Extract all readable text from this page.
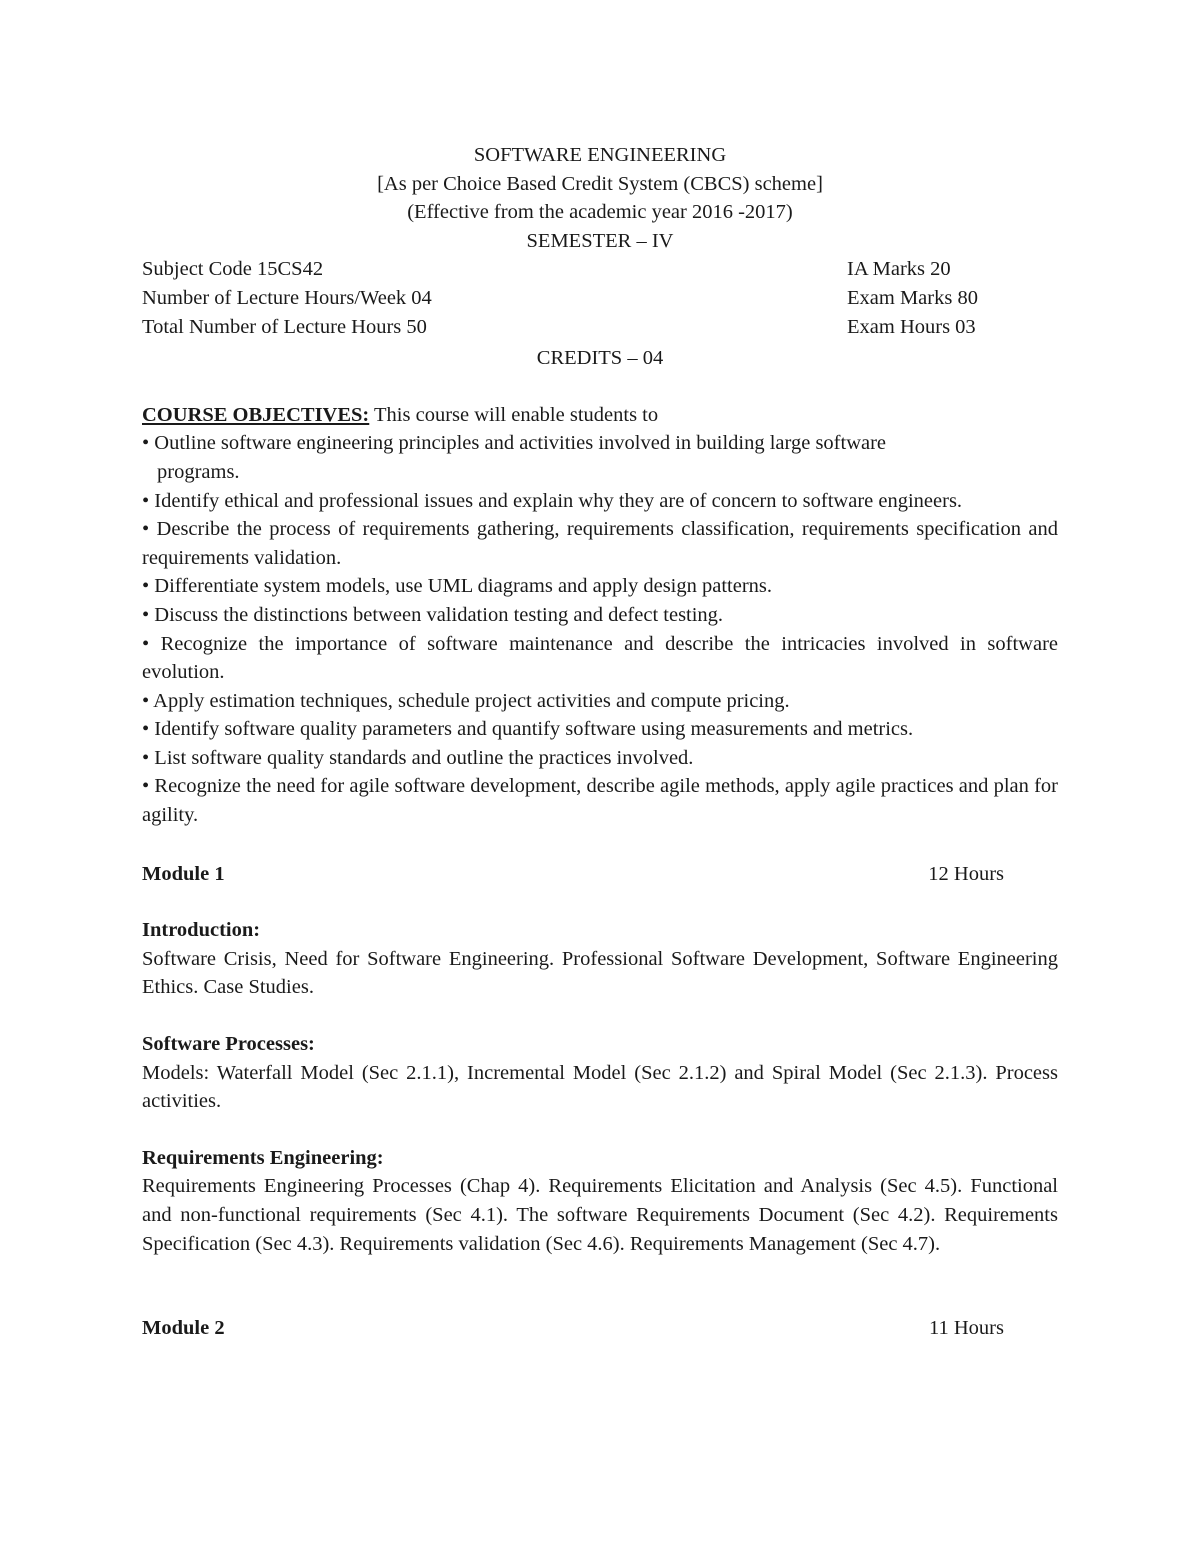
SOFTWARE ENGINEERING

[As per Choice Based Credit System (CBCS) scheme]

(Effective from the academic year 2016 -2017)

SEMESTER – IV

Subject Code 15CS42	IA Marks 20
Number of Lecture Hours/Week 04	Exam Marks 80
Total Number of Lecture Hours 50	Exam Hours 03

CREDITS – 04

COURSE OBJECTIVES: This course will enable students to

• Outline software engineering principles and activities involved in building large software

programs.

• Identify ethical and professional issues and explain why they are of concern to software engineers.

• Describe the process of requirements gathering, requirements classification, requirements specification and requirements validation.

• Differentiate system models, use UML diagrams and apply design patterns.

• Discuss the distinctions between validation testing and defect testing.

• Recognize the importance of software maintenance and describe the intricacies involved in software evolution.

• Apply estimation techniques, schedule project activities and compute pricing.

• Identify software quality parameters and quantify software using measurements and metrics.

• List software quality standards and outline the practices involved.

• Recognize the need for agile software development, describe agile methods, apply agile practices and plan for agility.

Module 1	12 Hours

Introduction:

Software Crisis, Need for Software Engineering. Professional Software Development, Software Engineering Ethics. Case Studies.

Software Processes:

Models: Waterfall Model (Sec 2.1.1), Incremental Model (Sec 2.1.2) and Spiral Model (Sec 2.1.3). Process activities.

Requirements Engineering:

Requirements Engineering Processes (Chap 4). Requirements Elicitation and Analysis (Sec 4.5). Functional and non-functional requirements (Sec 4.1). The software Requirements Document (Sec 4.2). Requirements Specification (Sec 4.3). Requirements validation (Sec 4.6). Requirements Management (Sec 4.7).

Module 2	11 Hours
